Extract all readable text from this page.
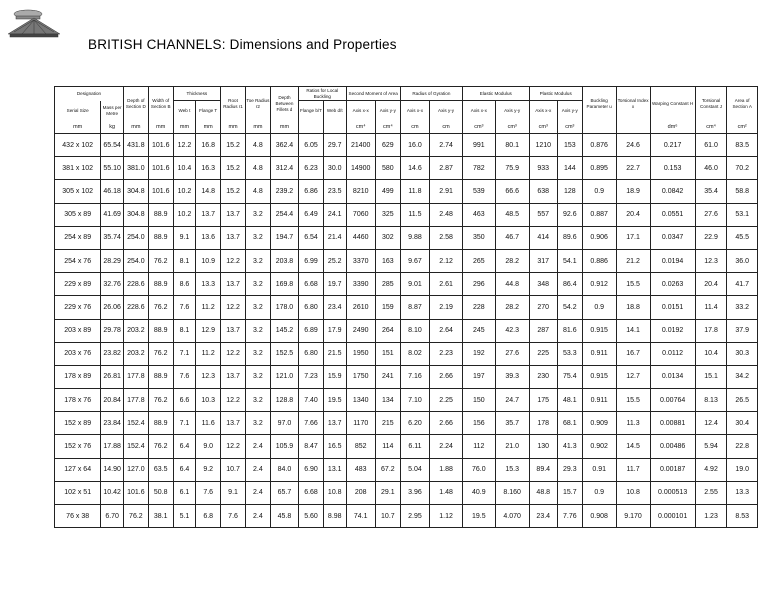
BRITISH CHANNELS: Dimensions and Properties
Designation		Depth of Section D	Width of Section B	Thickness		Root Radius r1	Toe Radius r2	Depth Between Fillets d	Ratios for Local Buckling		Second Moment of Area		Radius of Gyration		Elastic Modulus		Plastic Modulus		Buckling Parameter u	Torsional Index x	Warping Constant H	Torsional Constant J	Area of Section A
Serial Size	Mass per Metre			Web t	Flange T				Flange b/T	Web d/t	Axis x-x	Axis y-y	Axis x-x	Axis y-y	Axis x-x	Axis y-y	Axis x-x	Axis y-y					
mm	kg	mm	mm	mm	mm	mm	mm	mm			cm⁴	cm⁴	cm	cm	cm³	cm³	cm³	cm³			dm⁶	cm⁴	cm²
432 x 102	65.54	431.8	101.6	12.2	16.8	15.2	4.8	362.4	6.05	29.7	21400	629	16.0	2.74	991	80.1	1210	153	0.876	24.6	0.217	61.0	83.5
381 x 102	55.10	381.0	101.6	10.4	16.3	15.2	4.8	312.4	6.23	30.0	14900	580	14.6	2.87	782	75.9	933	144	0.895	22.7	0.153	46.0	70.2
305 x 102	46.18	304.8	101.6	10.2	14.8	15.2	4.8	239.2	6.86	23.5	8210	499	11.8	2.91	539	66.6	638	128	0.9	18.9	0.0842	35.4	58.8
305 x 89	41.69	304.8	88.9	10.2	13.7	13.7	3.2	254.4	6.49	24.1	7060	325	11.5	2.48	463	48.5	557	92.6	0.887	20.4	0.0551	27.6	53.1
254 x 89	35.74	254.0	88.9	9.1	13.6	13.7	3.2	194.7	6.54	21.4	4460	302	9.88	2.58	350	46.7	414	89.6	0.906	17.1	0.0347	22.9	45.5
254 x 76	28.29	254.0	76.2	8.1	10.9	12.2	3.2	203.8	6.99	25.2	3370	163	9.67	2.12	265	28.2	317	54.1	0.886	21.2	0.0194	12.3	36.0
229 x 89	32.76	228.6	88.9	8.6	13.3	13.7	3.2	169.8	6.68	19.7	3390	285	9.01	2.61	296	44.8	348	86.4	0.912	15.5	0.0263	20.4	41.7
229 x 76	26.06	228.6	76.2	7.6	11.2	12.2	3.2	178.0	6.80	23.4	2610	159	8.87	2.19	228	28.2	270	54.2	0.9	18.8	0.0151	11.4	33.2
203 x 89	29.78	203.2	88.9	8.1	12.9	13.7	3.2	145.2	6.89	17.9	2490	264	8.10	2.64	245	42.3	287	81.6	0.915	14.1	0.0192	17.8	37.9
203 x 76	23.82	203.2	76.2	7.1	11.2	12.2	3.2	152.5	6.80	21.5	1950	151	8.02	2.23	192	27.6	225	53.3	0.911	16.7	0.0112	10.4	30.3
178 x 89	26.81	177.8	88.9	7.6	12.3	13.7	3.2	121.0	7.23	15.9	1750	241	7.16	2.66	197	39.3	230	75.4	0.915	12.7	0.0134	15.1	34.2
178 x 76	20.84	177.8	76.2	6.6	10.3	12.2	3.2	128.8	7.40	19.5	1340	134	7.10	2.25	150	24.7	175	48.1	0.911	15.5	0.00764	8.13	26.5
152 x 89	23.84	152.4	88.9	7.1	11.6	13.7	3.2	97.0	7.66	13.7	1170	215	6.20	2.66	156	35.7	178	68.1	0.909	11.3	0.00881	12.4	30.4
152 x 76	17.88	152.4	76.2	6.4	9.0	12.2	2.4	105.9	8.47	16.5	852	114	6.11	2.24	112	21.0	130	41.3	0.902	14.5	0.00486	5.94	22.8
127 x 64	14.90	127.0	63.5	6.4	9.2	10.7	2.4	84.0	6.90	13.1	483	67.2	5.04	1.88	76.0	15.3	89.4	29.3	0.91	11.7	0.00187	4.92	19.0
102 x 51	10.42	101.6	50.8	6.1	7.6	9.1	2.4	65.7	6.68	10.8	208	29.1	3.96	1.48	40.9	8.160	48.8	15.7	0.9	10.8	0.000513	2.55	13.3
76 x 38	6.70	76.2	38.1	5.1	6.8	7.6	2.4	45.8	5.60	8.98	74.1	10.7	2.95	1.12	19.5	4.070	23.4	7.76	0.908	9.170	0.000101	1.23	8.53
